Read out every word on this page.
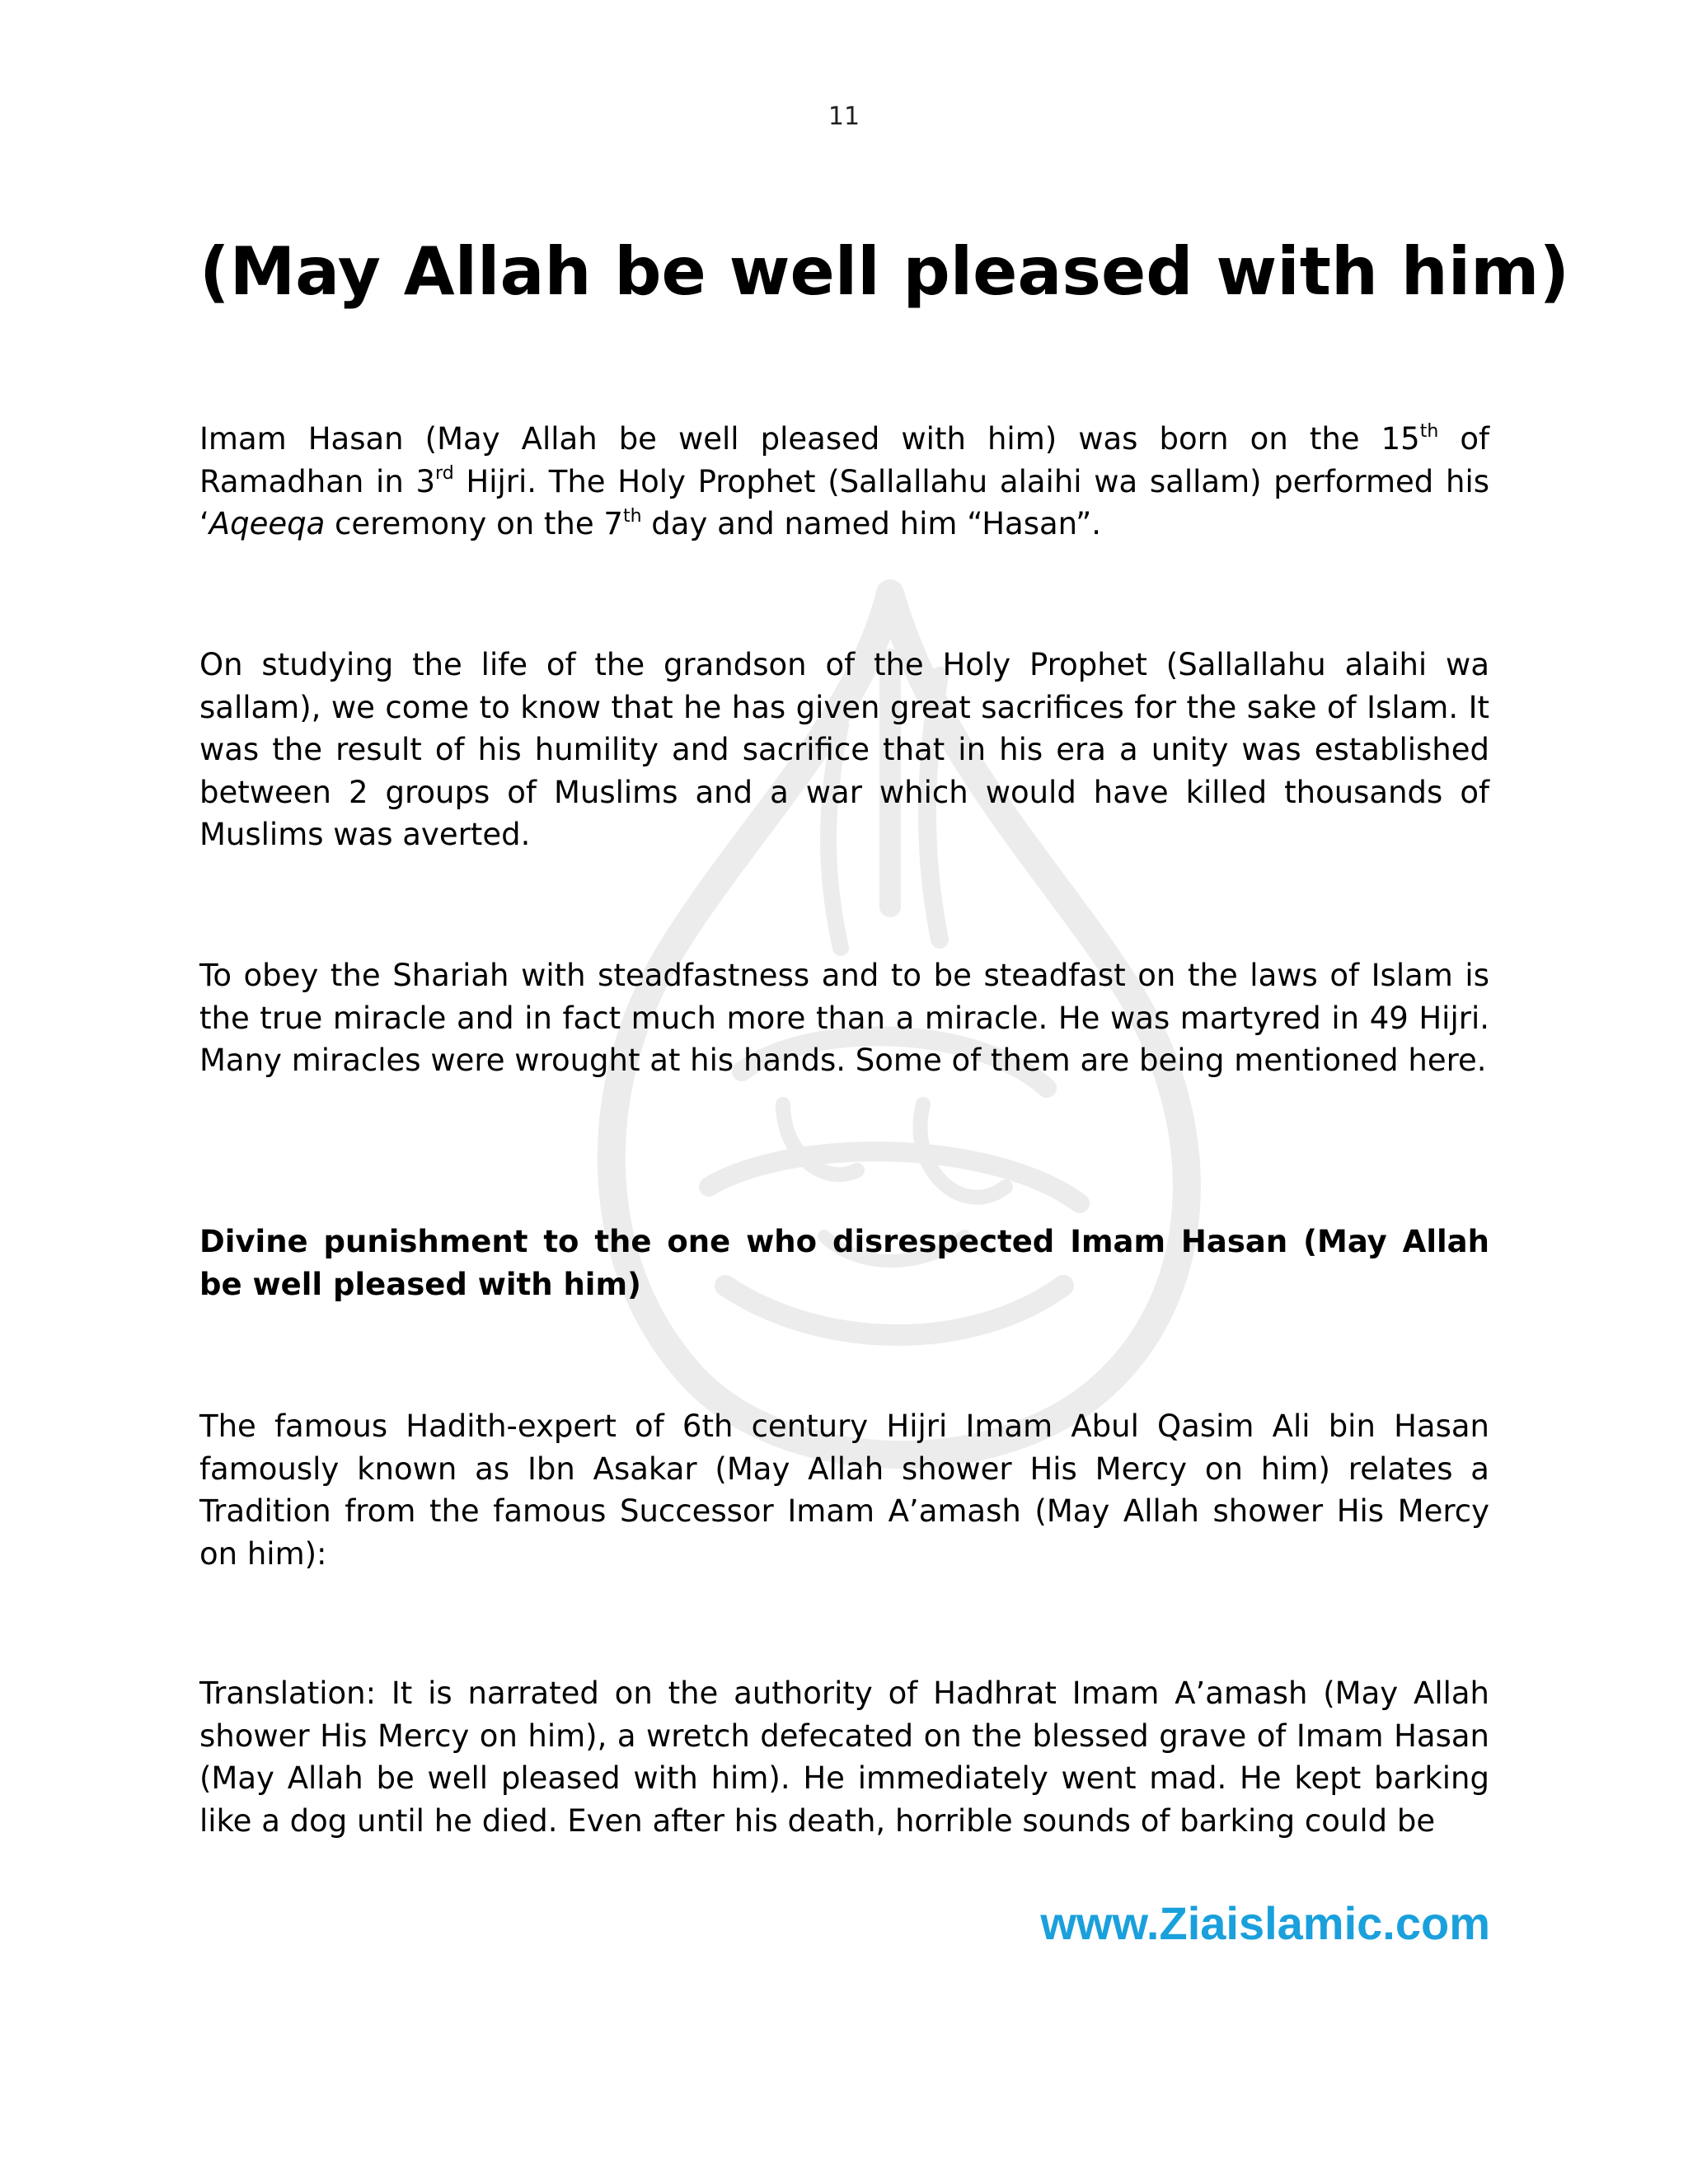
11
(May Allah be well pleased with him)

Imam Hasan (May Allah be well pleased with him) was born on the 15th of Ramadhan in 3rd Hijri. The Holy Prophet (Sallallahu alaihi wa sallam) performed his ‘Aqeeqa ceremony on the 7th day and named him “Hasan”.

On studying the life of the grandson of the Holy Prophet (Sallallahu alaihi wa sallam), we come to know that he has given great sacrifices for the sake of Islam. It was the result of his humility and sacrifice that in his era a unity was established between 2 groups of Muslims and a war which would have killed thousands of Muslims was averted.

To obey the Shariah with steadfastness and to be steadfast on the laws of Islam is the true miracle and in fact much more than a miracle. He was martyred in 49 Hijri. Many miracles were wrought at his hands. Some of them are being mentioned here.

Divine punishment to the one who disrespected Imam Hasan (May Allah be well pleased with him)

The famous Hadith-expert of 6th century Hijri Imam Abul Qasim Ali bin Hasan famously known as Ibn Asakar (May Allah shower His Mercy on him) relates a Tradition from the famous Successor Imam A’amash (May Allah shower His Mercy on him):

Translation: It is narrated on the authority of Hadhrat Imam A’amash (May Allah shower His Mercy on him), a wretch defecated on the blessed grave of Imam Hasan (May Allah be well pleased with him). He immediately went mad. He kept barking like a dog until he died. Even after his death, horrible sounds of barking could be

www.Ziaislamic.com
